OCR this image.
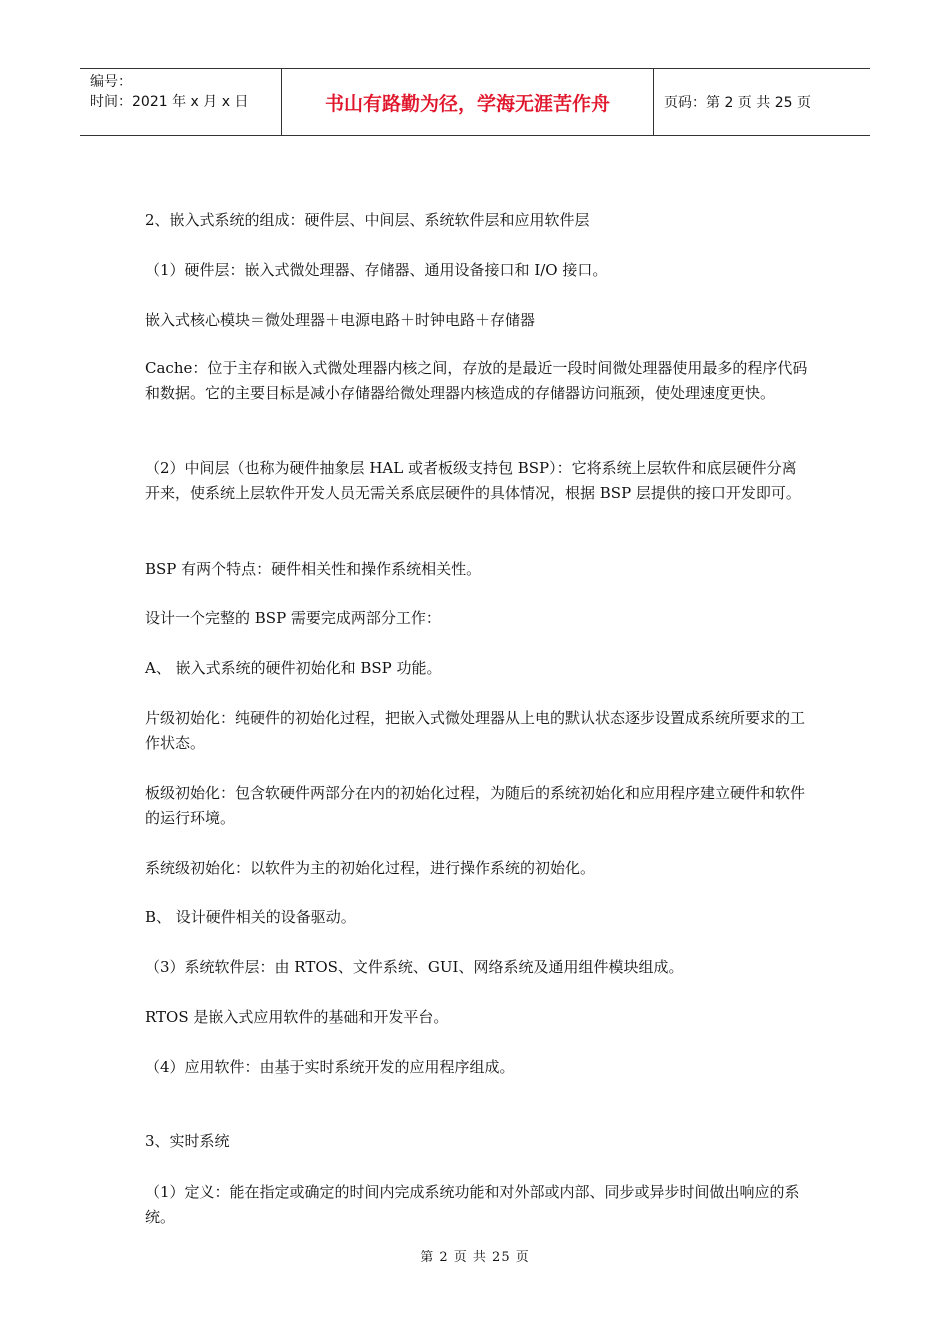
编号：
时间：2021 年 x 月 x 日	书山有路勤为径，学海无涯苦作舟	页码：第 2 页 共 25 页

2、嵌入式系统的组成：硬件层、中间层、系统软件层和应用软件层

（1）硬件层：嵌入式微处理器、存储器、通用设备接口和 I/O 接口。

嵌入式核心模块＝微处理器＋电源电路＋时钟电路＋存储器

Cache：位于主存和嵌入式微处理器内核之间，存放的是最近一段时间微处理器使用最多的程序代码和数据。它的主要目标是减小存储器给微处理器内核造成的存储器访问瓶颈，使处理速度更快。

（2）中间层（也称为硬件抽象层 HAL 或者板级支持包 BSP）：它将系统上层软件和底层硬件分离开来，使系统上层软件开发人员无需关系底层硬件的具体情况，根据 BSP 层提供的接口开发即可。

BSP 有两个特点：硬件相关性和操作系统相关性。

设计一个完整的 BSP 需要完成两部分工作：

A、 嵌入式系统的硬件初始化和 BSP 功能。

片级初始化：纯硬件的初始化过程，把嵌入式微处理器从上电的默认状态逐步设置成系统所要求的工作状态。

板级初始化：包含软硬件两部分在内的初始化过程，为随后的系统初始化和应用程序建立硬件和软件的运行环境。

系统级初始化：以软件为主的初始化过程，进行操作系统的初始化。

B、 设计硬件相关的设备驱动。

（3）系统软件层：由 RTOS、文件系统、GUI、网络系统及通用组件模块组成。

RTOS 是嵌入式应用软件的基础和开发平台。

（4）应用软件：由基于实时系统开发的应用程序组成。

3、实时系统

（1）定义：能在指定或确定的时间内完成系统功能和对外部或内部、同步或异步时间做出响应的系统。

第 2 页 共 25 页
